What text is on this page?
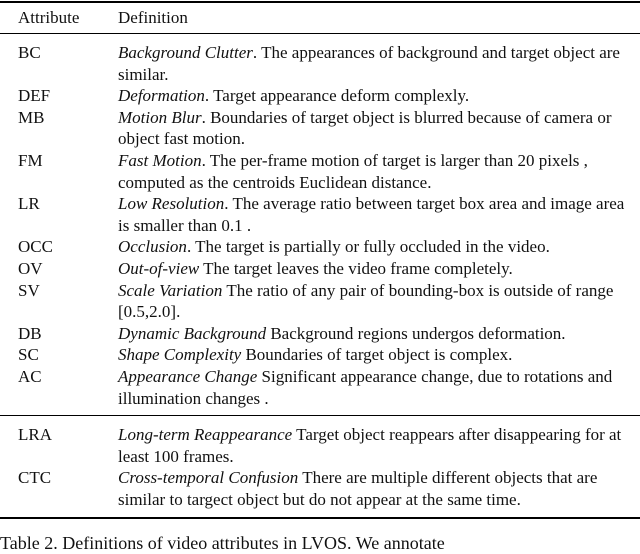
Attribute Definition
BC	Background Clutter. The appearances of background and target object are similar.
DEF	Deformation. Target appearance deform complexly.
MB	Motion Blur. Boundaries of target object is blurred because of camera or object fast motion.
FM	Fast Motion. The per-frame motion of target is larger than 20 pixels , computed as the centroids Euclidean distance.
LR	Low Resolution. The average ratio between target box area and image area is smaller than 0.1 .
OCC	Occlusion. The target is partially or fully occluded in the video.
OV	Out-of-view The target leaves the video frame completely.
SV	Scale Variation The ratio of any pair of bounding-box is outside of range [0.5,2.0].
DB	Dynamic Background Background regions undergos deformation.
SC	Shape Complexity Boundaries of target object is complex.
AC	Appearance Change Significant appearance change, due to rotations and illumination changes .
LRA	Long-term Reappearance Target object reappears after disappearing for at least 100 frames.
CTC	Cross-temporal Confusion There are multiple different objects that are similar to targect object but do not appear at the same time.
Table 2. Definitions of video attributes in LVOS. We annotate
